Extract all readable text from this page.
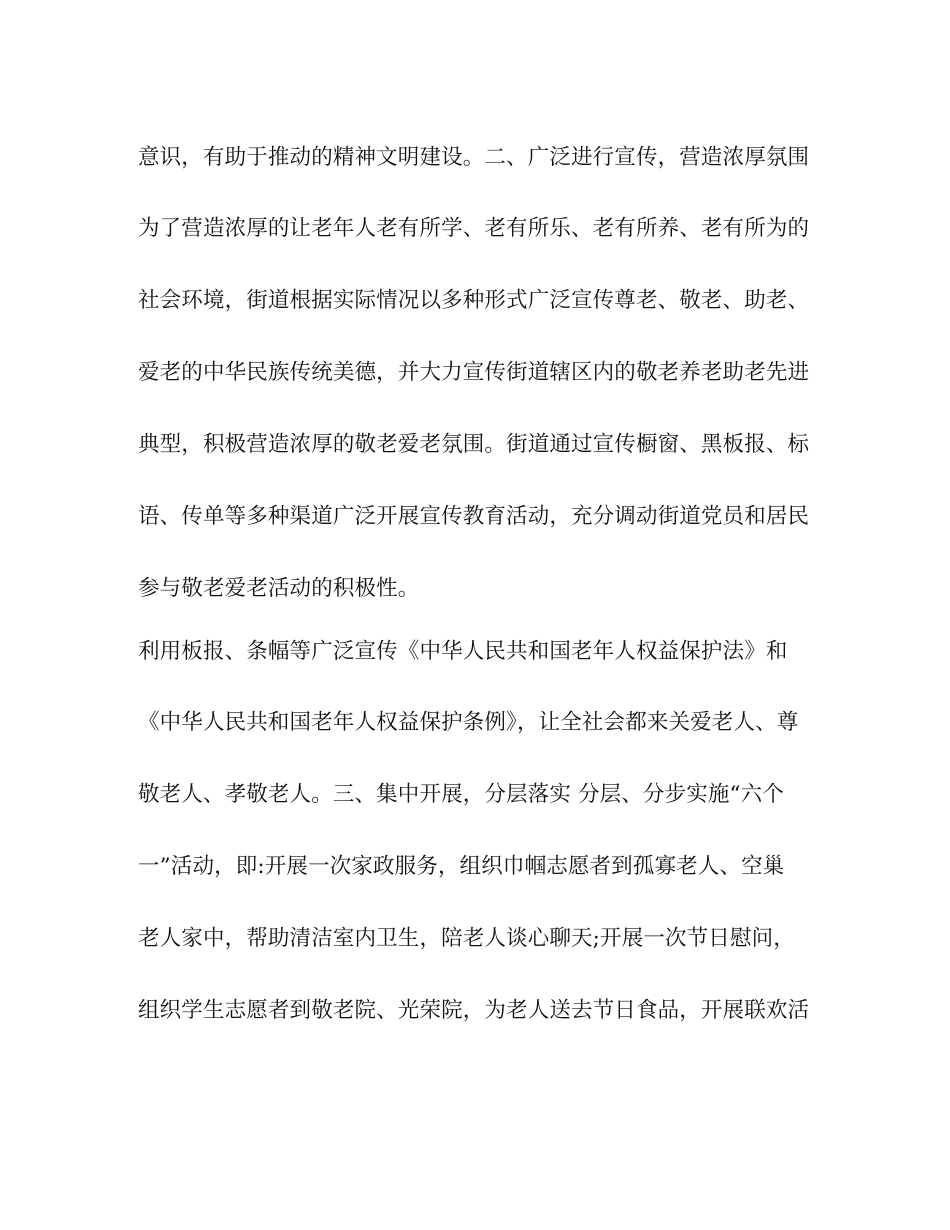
意识，有助于推动的精神文明建设。二、广泛进行宣传，营造浓厚氛围
为了营造浓厚的让老年人老有所学、老有所乐、老有所养、老有所为的
社会环境，街道根据实际情况以多种形式广泛宣传尊老、敬老、助老、
爱老的中华民族传统美德，并大力宣传街道辖区内的敬老养老助老先进
典型，积极营造浓厚的敬老爱老氛围。街道通过宣传橱窗、黑板报、标
语、传单等多种渠道广泛开展宣传教育活动，充分调动街道党员和居民
参与敬老爱老活动的积极性。
利用板报、条幅等广泛宣传《中华人民共和国老年人权益保护法》和
《中华人民共和国老年人权益保护条例》，让全社会都来关爱老人、尊
敬老人、孝敬老人。三、集中开展，分层落实 分层、分步实施“六个
一”活动，即:开展一次家政服务，组织巾帼志愿者到孤寡老人、空巢
老人家中，帮助清洁室内卫生，陪老人谈心聊天;开展一次节日慰问，
组织学生志愿者到敬老院、光荣院，为老人送去节日食品，开展联欢活
